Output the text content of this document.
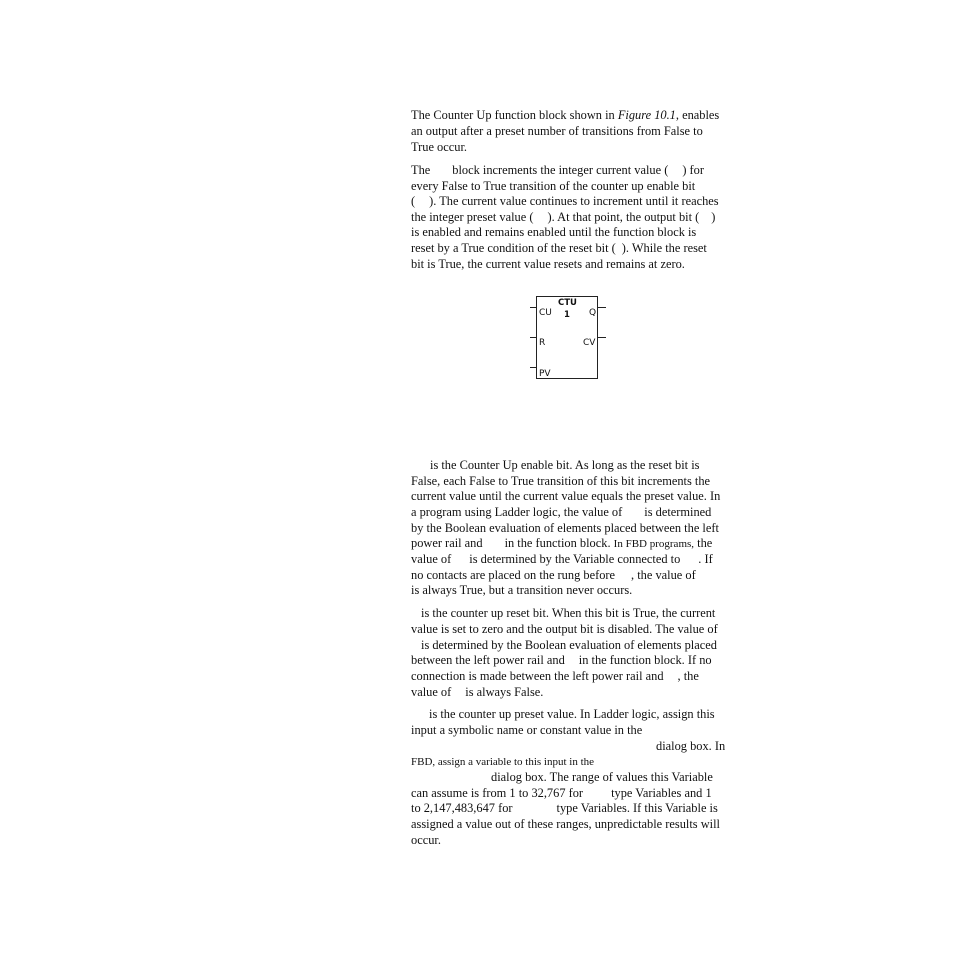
The Counter Up function block shown in Figure 10.1, enables
an output after a preset number of transitions from False to
True occur.
The block increments the integer current value ( ) for
every False to True transition of the counter up enable bit
( ). The current value continues to increment until it reaches
the integer preset value ( ). At that point, the output bit ( )
is enabled and remains enabled until the function block is
reset by a True condition of the reset bit ( ). While the reset
bit is True, the current value resets and remains at zero.
is the Counter Up enable bit. As long as the reset bit is
False, each False to True transition of this bit increments the
current value until the current value equals the preset value. In
a program using Ladder logic, the value of is determined
by the Boolean evaluation of elements placed between the left
power rail and in the function block. In FBD programs, the
value of is determined by the Variable connected to . If
no contacts are placed on the rung before , the value of
is always True, but a transition never occurs.
is the counter up reset bit. When this bit is True, the current
value is set to zero and the output bit is disabled. The value of
is determined by the Boolean evaluation of elements placed
between the left power rail and in the function block. If no
connection is made between the left power rail and , the
value of is always False.
is the counter up preset value. In Ladder logic, assign this
input a symbolic name or constant value in the
dialog box. In
FBD, assign a variable to this input in the
dialog box. The range of values this Variable
can assume is from 1 to 32,767 for type Variables and 1
to 2,147,483,647 for	type Variables. If this Variable is
assigned a value out of these ranges, unpredictable results will
occur.
CTU
1
CU	Q
R	CV
PV
